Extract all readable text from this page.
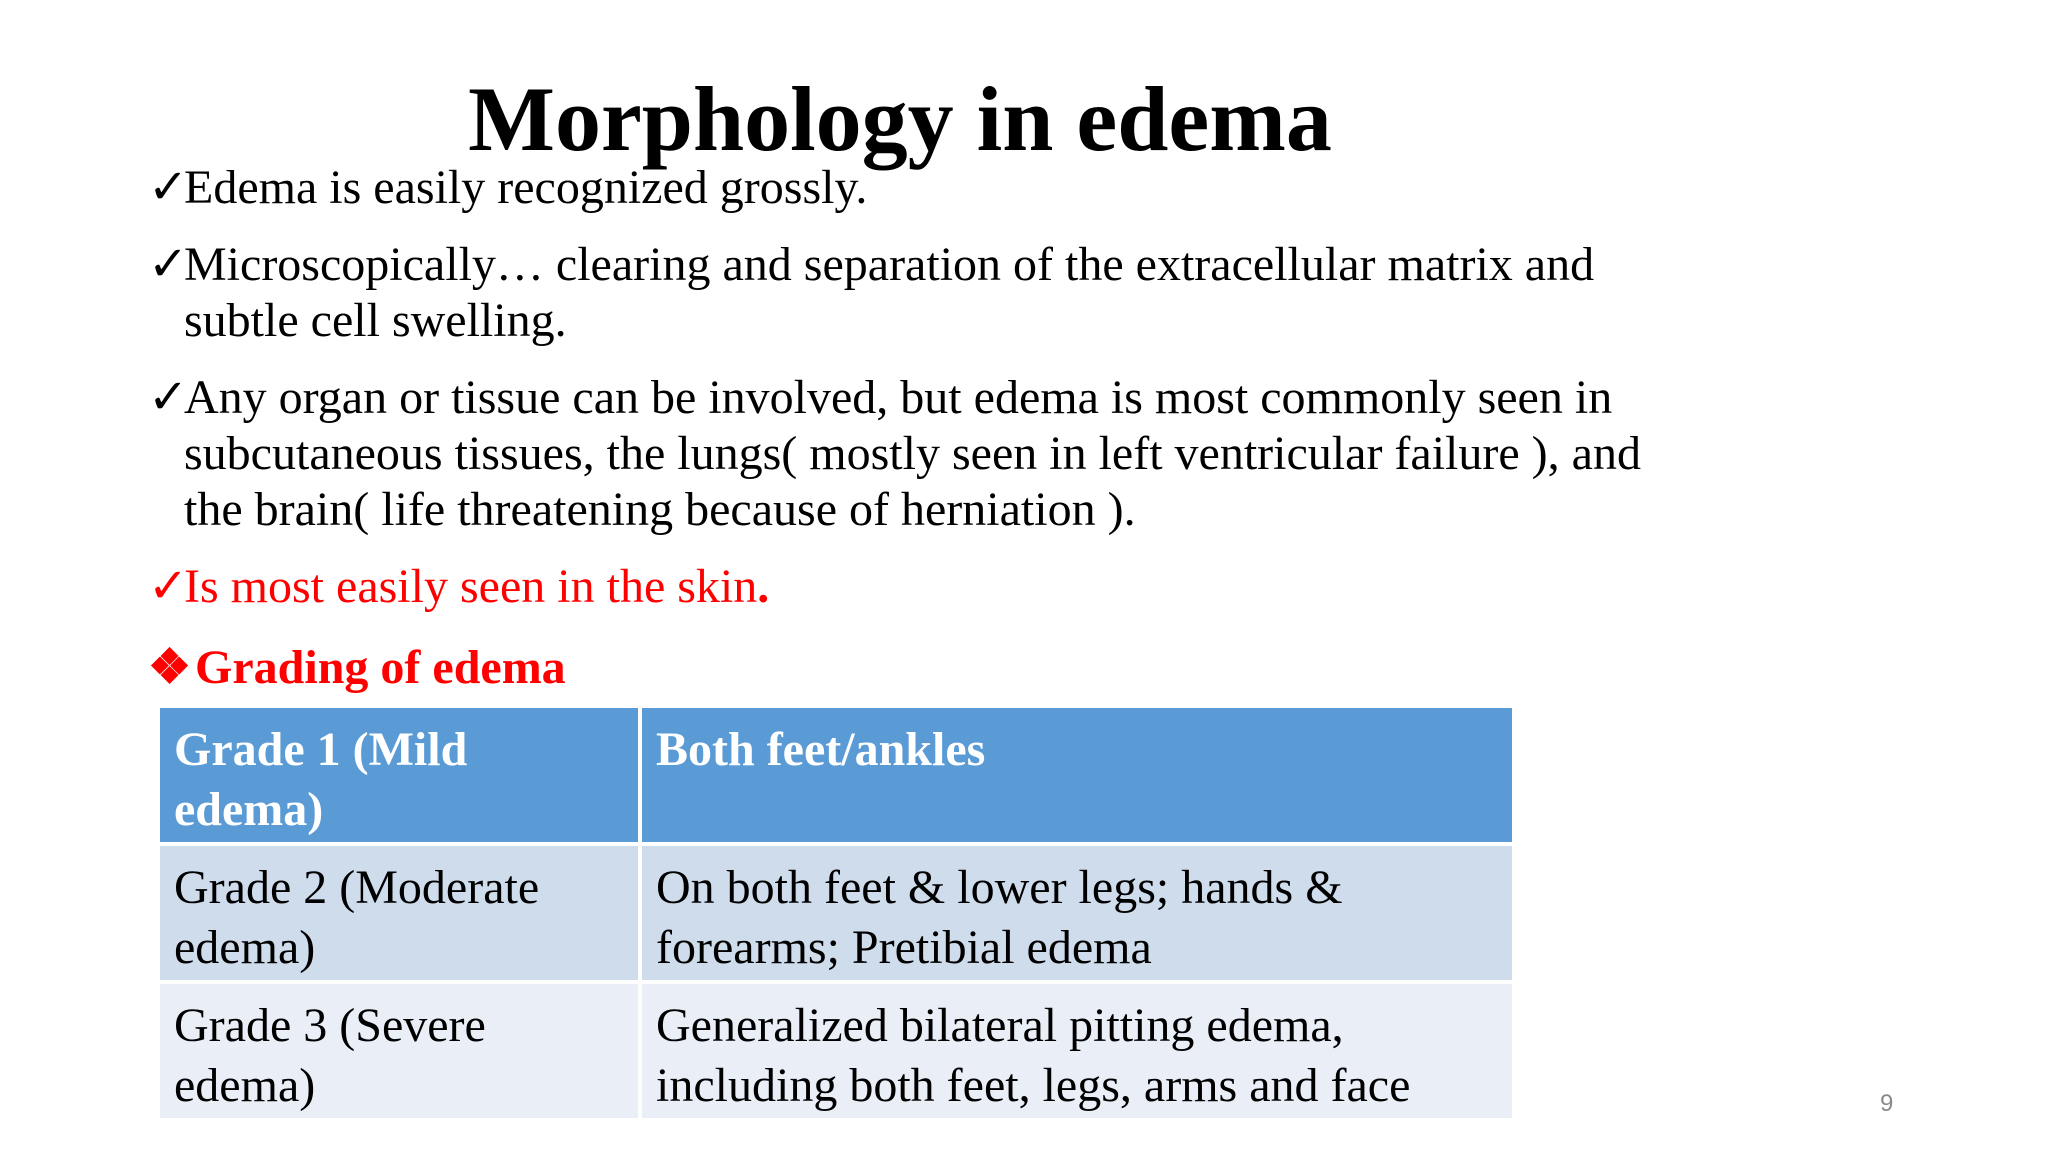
Morphology in edema
✓
Edema is easily recognized grossly.
✓
Microscopically… clearing and separation of the extracellular matrix and subtle cell swelling.
✓
Any organ or tissue can be involved, but edema is most commonly seen in subcutaneous tissues, the lungs( mostly seen in left ventricular failure ), and the brain( life threatening because of herniation ).
✓
Is most easily seen in the skin.
❖Grading of edema
Grade 1 (Mild edema)	Both feet/ankles
Grade 2 (Moderate edema)	On both feet & lower legs; hands & forearms; Pretibial edema
Grade 3 (Severe edema)	Generalized bilateral pitting edema, including both feet, legs, arms and face	9
